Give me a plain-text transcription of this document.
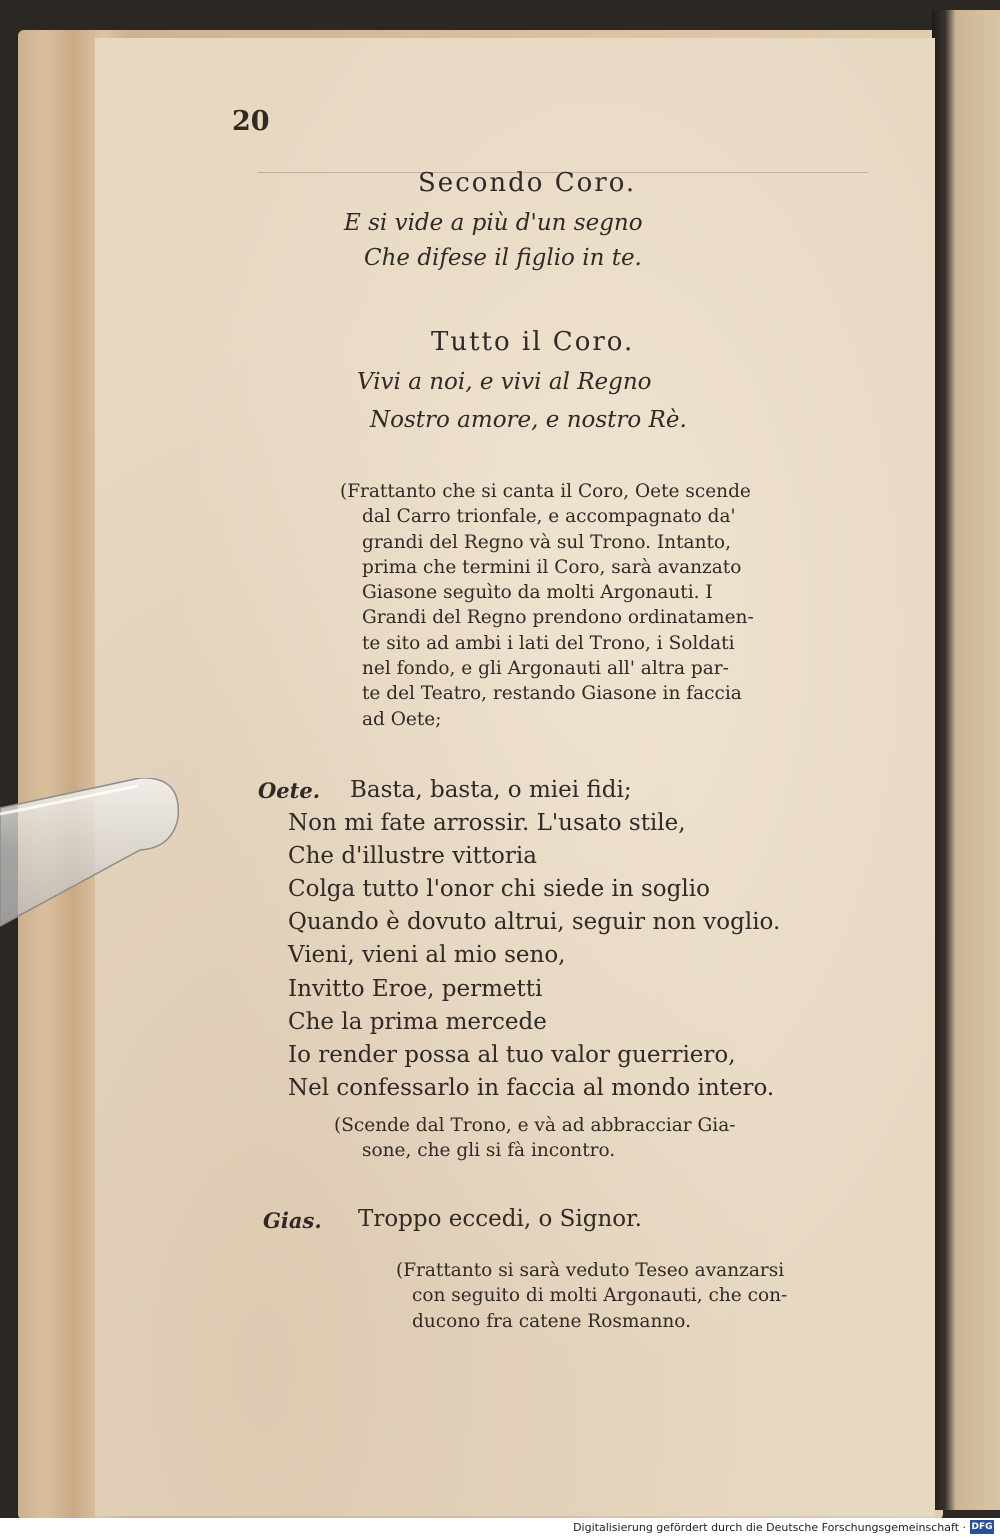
20
Secondo Coro.
E si vide a più d'un segno
Che difese il figlio in te.
Tutto il Coro.
Vivi a noi, e vivi al Regno
Nostro amore, e nostro Rè.
(Frattanto che si canta il Coro, Oete scende
dal Carro trionfale, e accompagnato da'
grandi del Regno và sul Trono. Intanto,
prima che termini il Coro, sarà avanzato
Giasone seguìto da molti Argonauti. I
Grandi del Regno prendono ordinatamen-
te sito ad ambi i lati del Trono, i Soldati
nel fondo, e gli Argonauti all' altra par-
te del Teatro, restando Giasone in faccia
ad Oete;
Oete.	Basta, basta, o miei fidi;
Non mi fate arrossir. L'usato stile,
Che d'illustre vittoria
Colga tutto l'onor chi siede in soglio
Quando è dovuto altrui, seguir non voglio.
Vieni, vieni al mio seno,
Invitto Eroe, permetti
Che la prima mercede
Io render possa al tuo valor guerriero,
Nel confessarlo in faccia al mondo intero.
(Scende dal Trono, e và ad abbracciar Gia-
sone, che gli si fà incontro.
Gias. Troppo eccedi, o Signor.
(Frattanto si sarà veduto Teseo avanzarsi
con seguito di molti Argonauti, che con-
ducono fra catene Rosmanno.
Digitalisierung gefördert durch die Deutsche Forschungsgemeinschaft · DFG
